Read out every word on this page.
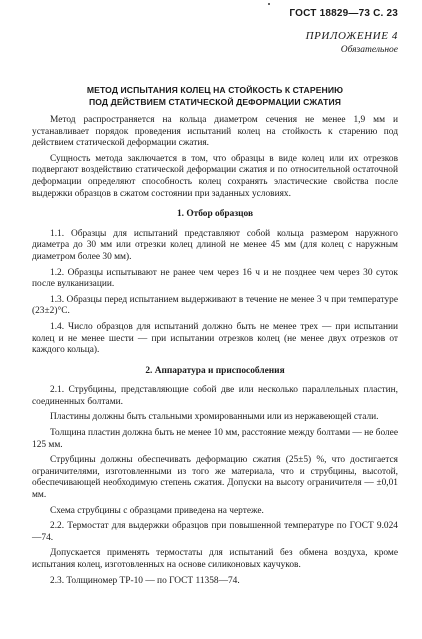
ГОСТ 18829—73 С. 23
ПРИЛОЖЕНИЕ 4
Обязательное
МЕТОД ИСПЫТАНИЯ КОЛЕЦ НА СТОЙКОСТЬ К СТАРЕНИЮ
ПОД ДЕЙСТВИЕМ СТАТИЧЕСКОЙ ДЕФОРМАЦИИ СЖАТИЯ

Метод распространяется на кольца диаметром сечения не менее 1,9 мм и устанавливает порядок проведения испытаний колец на стойкость к старению под действием статической деформации сжатия.

Сущность метода заключается в том, что образцы в виде колец или их отрезков подвергают воздействию статической деформации сжатия и по относительной остаточной деформации определяют способность колец сохранять эластические свойства после выдержки образцов в сжатом состоянии при заданных условиях.

1. Отбор образцов

1.1. Образцы для испытаний представляют собой кольца размером наружного диаметра до 30 мм или отрезки колец длиной не менее 45 мм (для колец с наружным диаметром более 30 мм).

1.2. Образцы испытывают не ранее чем через 16 ч и не позднее чем через 30 суток после вулканизации.

1.3. Образцы перед испытанием выдерживают в течение не менее 3 ч при температуре (23±2)°С.

1.4. Число образцов для испытаний должно быть не менее трех — при испытании колец и не менее шести — при испытании отрезков колец (не менее двух отрезков от каждого кольца).

2. Аппаратура и приспособления

2.1. Струбцины, представляющие собой две или несколько параллельных пластин, соединенных болтами.

Пластины должны быть стальными хромированными или из нержавеющей стали.

Толщина пластин должна быть не менее 10 мм, расстояние между болтами — не более 125 мм.

Струбцины должны обеспечивать деформацию сжатия (25±5) %, что достигается ограничителями, изготовленными из того же материала, что и струбцины, высотой, обеспечивающей необходимую степень сжатия. Допуски на высоту ограничителя — ±0,01 мм.

Схема струбцины с образцами приведена на чертеже.

2.2. Термостат для выдержки образцов при повышенной температуре по ГОСТ 9.024—74.

Допускается применять термостаты для испытаний без обмена воздуха, кроме испытания колец, изготовленных на основе силиконовых каучуков.

2.3. Толщиномер ТР-10 — по ГОСТ 11358—74.
